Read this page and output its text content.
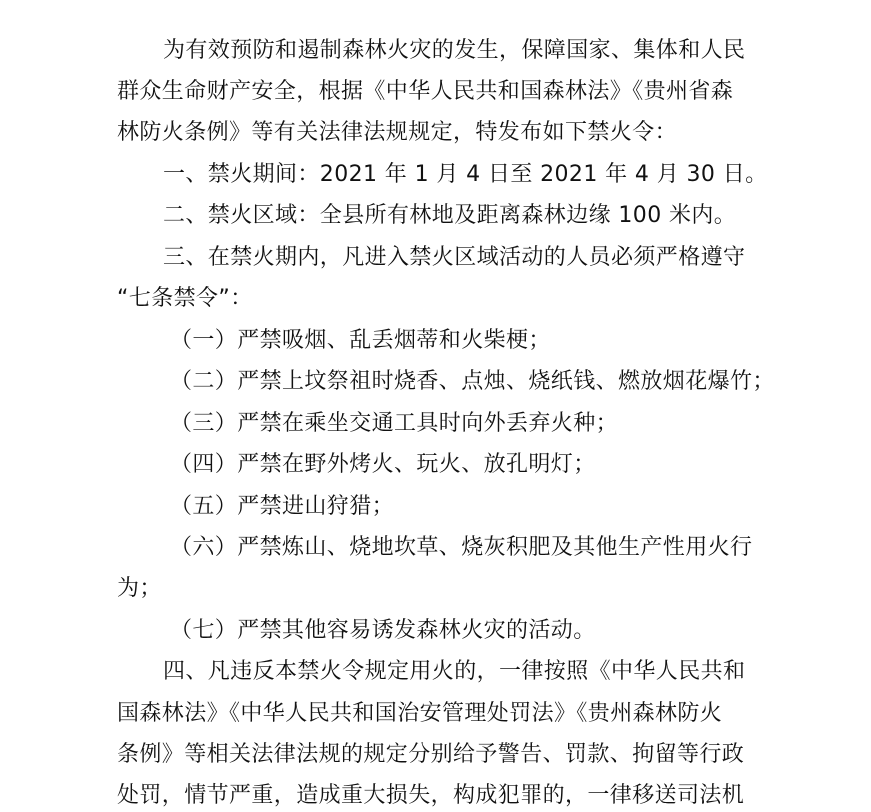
为有效预防和遏制森林火灾的发生，保障国家、集体和人民
群众生命财产安全，根据《中华人民共和国森林法》《贵州省森
林防火条例》等有关法律法规规定，特发布如下禁火令：
一、禁火期间：2021 年 1 月 4 日至 2021 年 4 月 30 日。
二、禁火区域：全县所有林地及距离森林边缘 100 米内。
三、在禁火期内，凡进入禁火区域活动的人员必须严格遵守
“七条禁令”：
（一）严禁吸烟、乱丢烟蒂和火柴梗；
（二）严禁上坟祭祖时烧香、点烛、烧纸钱、燃放烟花爆竹；
（三）严禁在乘坐交通工具时向外丢弃火种；
（四）严禁在野外烤火、玩火、放孔明灯；
（五）严禁进山狩猎；
（六）严禁炼山、烧地坎草、烧灰积肥及其他生产性用火行
为；
（七）严禁其他容易诱发森林火灾的活动。
四、凡违反本禁火令规定用火的，一律按照《中华人民共和
国森林法》《中华人民共和国治安管理处罚法》《贵州森林防火
条例》等相关法律法规的规定分别给予警告、罚款、拘留等行政
处罚，情节严重，造成重大损失，构成犯罪的，一律移送司法机
